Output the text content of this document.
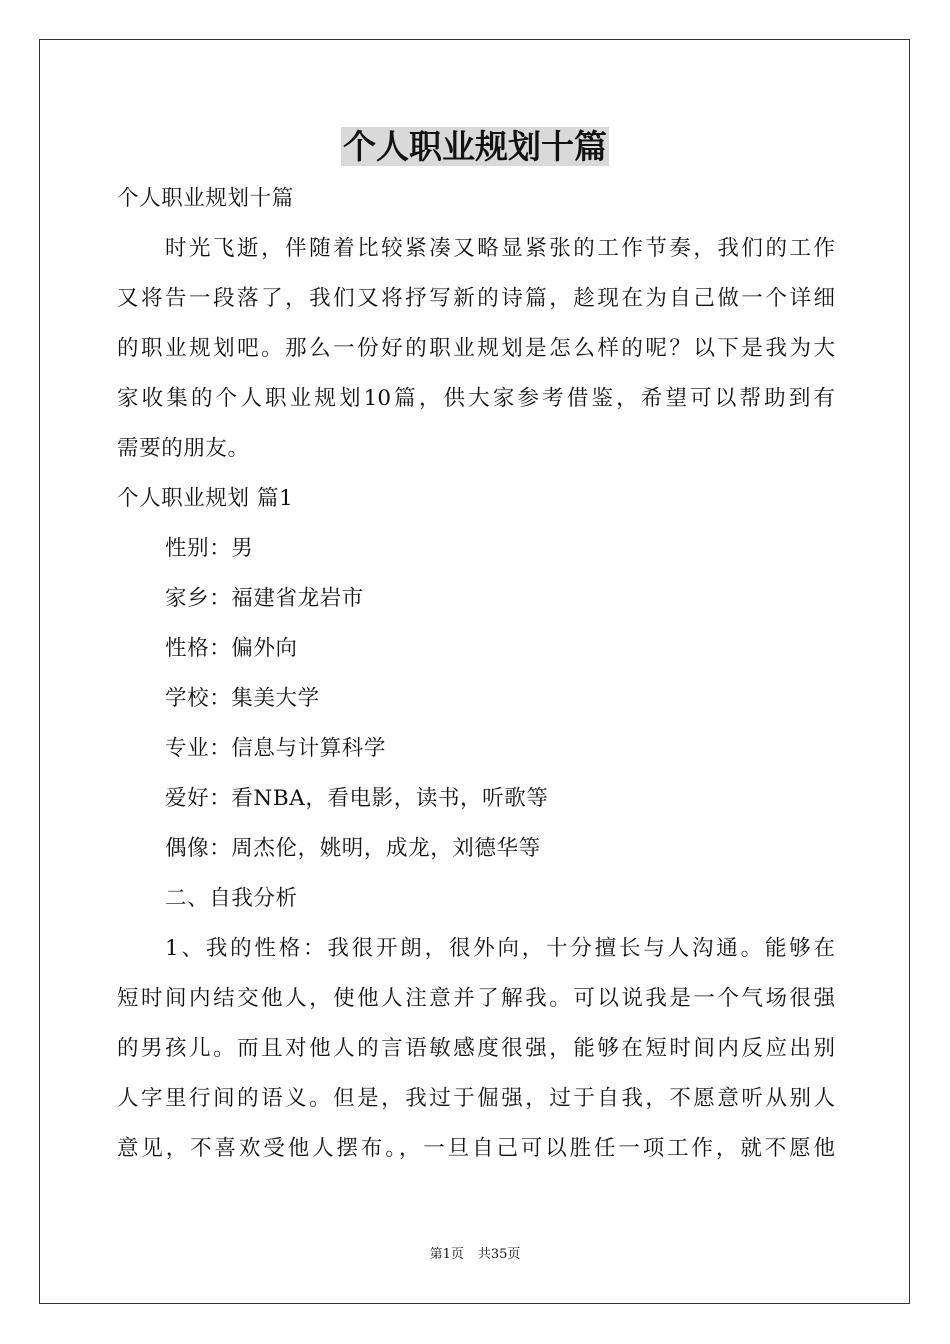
个人职业规划十篇
个人职业规划十篇
时光飞逝，伴随着比较紧凑又略显紧张的工作节奏，我们的工作
又将告一段落了，我们又将抒写新的诗篇，趁现在为自己做一个详细
的职业规划吧。那么一份好的职业规划是怎么样的呢？以下是我为大
家收集的个人职业规划10篇，供大家参考借鉴，希望可以帮助到有
需要的朋友。
个人职业规划 篇1
性别：男
家乡：福建省龙岩市
性格：偏外向
学校：集美大学
专业：信息与计算科学
爱好：看NBA，看电影，读书，听歌等
偶像：周杰伦，姚明，成龙，刘德华等
二、自我分析
1、我的性格：我很开朗，很外向，十分擅长与人沟通。能够在
短时间内结交他人，使他人注意并了解我。可以说我是一个气场很强
的男孩儿。而且对他人的言语敏感度很强，能够在短时间内反应出别
人字里行间的语义。但是，我过于倔强，过于自我，不愿意听从别人
意见，不喜欢受他人摆布。，一旦自己可以胜任一项工作，就不愿他
第1页 共35页
